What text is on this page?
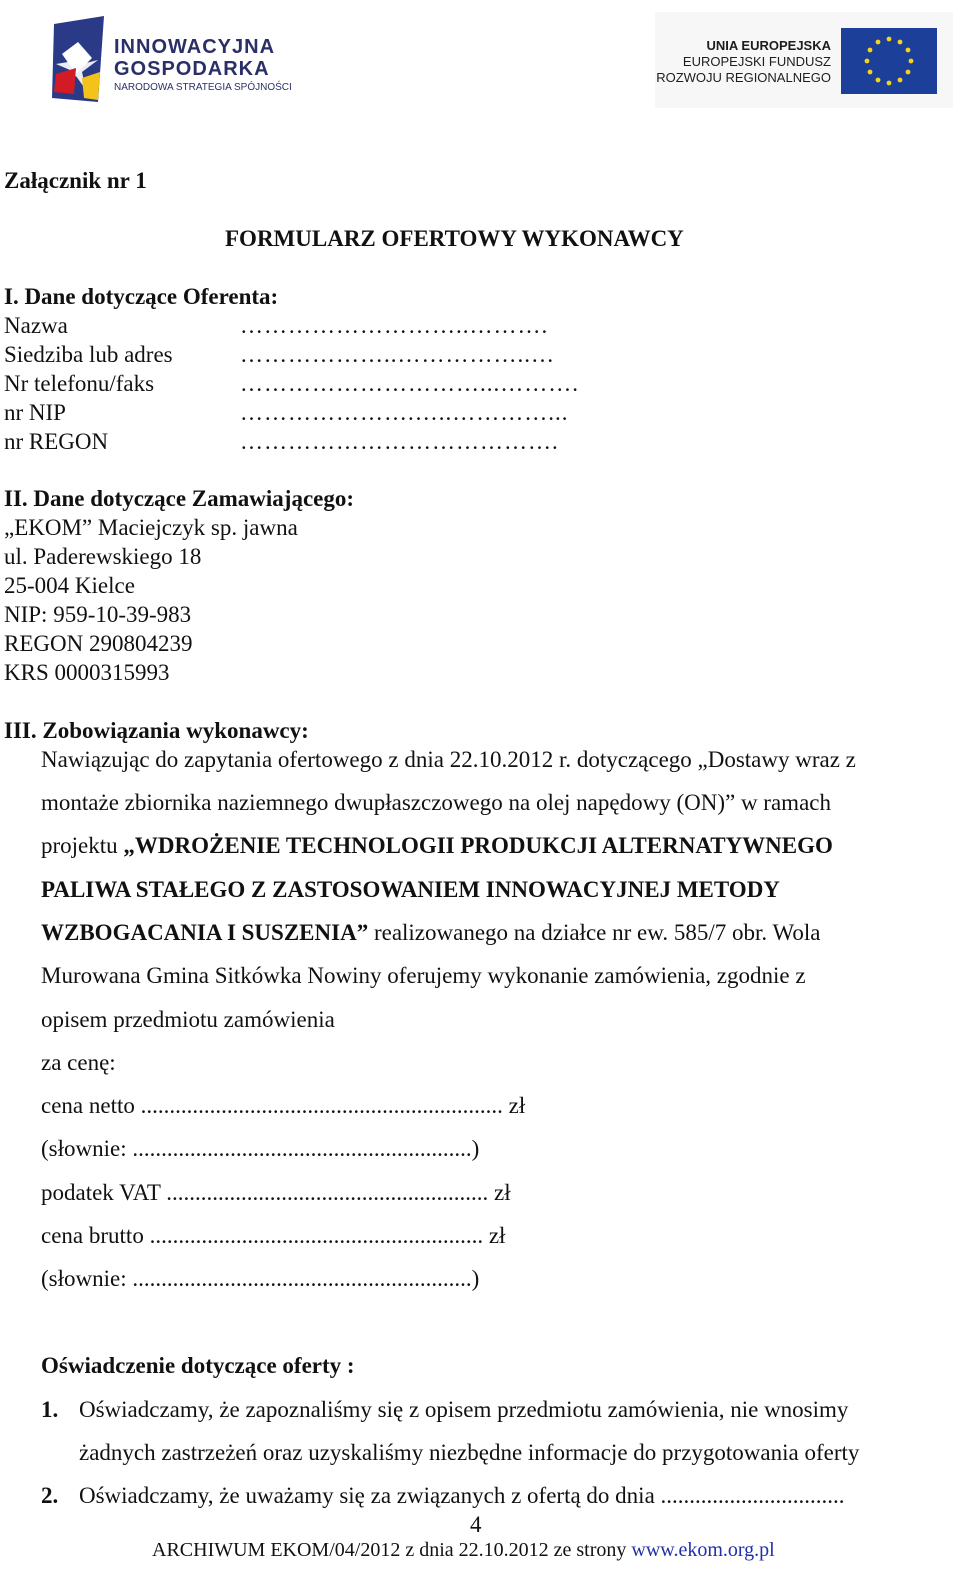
INNOWACYJNA
GOSPODARKA
NARODOWA STRATEGIA SPÓJNOŚCI
UNIA EUROPEJSKA
EUROPEJSKI FUNDUSZ
ROZWOJU REGIONALNEGO
Załącznik nr 1
FORMULARZ OFERTOWY WYKONAWCY
I. Dane dotyczące Oferenta:
Nazwa	………………………..……….
Siedziba lub adres	………………..……………..…
Nr telefonu/faks	…………………………...……….
nr NIP	………………….…..…………...
nr REGON	………………………………….
II. Dane dotyczące Zamawiającego:
„EKOM” Maciejczyk sp. jawna
ul. Paderewskiego 18
25-004 Kielce
NIP: 959-10-39-983
REGON 290804239
KRS 0000315993
III. Zobowiązania wykonawcy:
Nawiązując do zapytania ofertowego z dnia 22.10.2012 r. dotyczącego „Dostawy wraz z
montaże zbiornika naziemnego dwupłaszczowego na olej napędowy (ON)” w ramach
projektu „WDROŻENIE TECHNOLOGII PRODUKCJI ALTERNATYWNEGO
PALIWA STAŁEGO Z ZASTOSOWANIEM INNOWACYJNEJ METODY
WZBOGACANIA I SUSZENIA” realizowanego na działce nr ew. 585/7 obr. Wola
Murowana Gmina Sitkówka Nowiny oferujemy wykonanie zamówienia, zgodnie z
opisem przedmiotu zamówienia
za cenę:
cena netto ............................................................... zł
(słownie: ...........................................................)
podatek VAT ........................................................ zł
cena brutto .......................................................... zł
(słownie: ...........................................................)
Oświadczenie dotyczące oferty :
1. Oświadczamy, że zapoznaliśmy się z opisem przedmiotu zamówienia, nie wnosimy
żadnych zastrzeżeń oraz uzyskaliśmy niezbędne informacje do przygotowania oferty
2. Oświadczamy, że uważamy się za związanych z ofertą do dnia ................................
4
ARCHIWUM EKOM/04/2012 z dnia 22.10.2012 ze strony www.ekom.org.pl
